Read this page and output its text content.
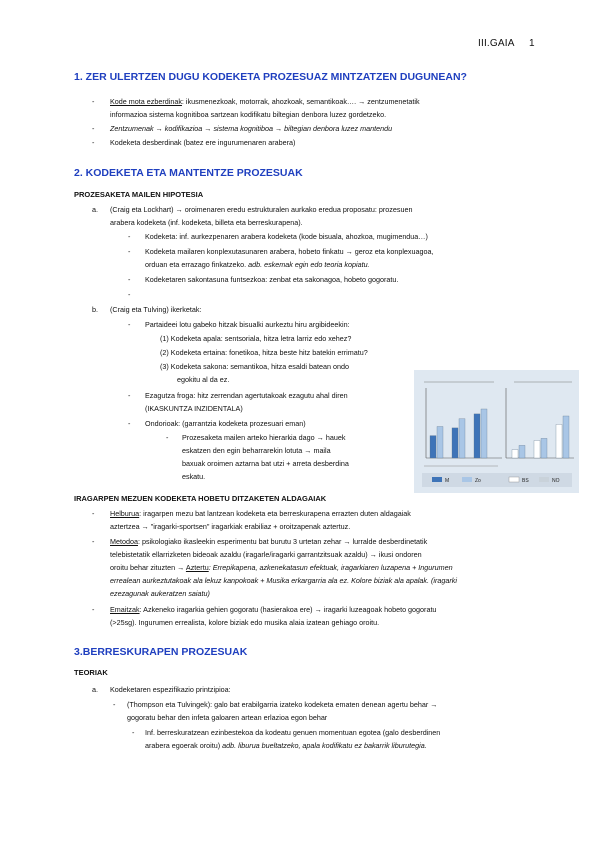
III.GAIA 1
1. ZER ULERTZEN DUGU KODEKETA PROZESUAZ MINTZATZEN DUGUNEAN?
- Kode mota ezberdinak: ikusmenezkoak, motorrak, ahozkoak, semantikoak…. → zentzumenetatik
informazioa sistema kognitiboa sartzean kodifikatu biltegian denbora luzez gordetzeko.
- Zentzumenak → kodifikazioa → sistema kognitiboa → biltegian denbora luzez mantendu
- Kodeketa desberdinak (batez ere ingurumenaren arabera)
2. KODEKETA ETA MANTENTZE PROZESUAK
PROZESAKETA MAILEN HIPOTESIA
a. (Craig eta Lockhart) → oroimenaren eredu estrukturalen aurkako eredua proposatu: prozesuen
arabera kodeketa (inf. kodeketa, billeta eta berreskurapena).
- Kodeketa: inf. aurkezpenaren arabera kodeketa (kode bisuala, ahozkoa, mugimendua…)
- Kodeketa mailaren konplexutasunaren arabera, hobeto finkatu → geroz eta konplexuagoa,
orduan eta errazago finkatzeko. adb. eskemak egin edo teoria kopiatu.
- Kodeketaren sakontasuna funtsezkoa: zenbat eta sakonagoa, hobeto gogoratu.
-
b. (Craig eta Tulving) ikerketak:
- Partaideei lotu gabeko hitzak bisualki aurkeztu hiru argibideekin:
(1) Kodeketa apala: sentsoriala, hitza letra larriz edo xehez?
(2) Kodeketa ertaina: fonetikoa, hitza beste hitz batekin errimatu?
(3) Kodeketa sakona: semantikoa, hitza esaldi batean ondo
egokitu al da ez.
- Ezagutza froga: hitz zerrendan agertutakoak ezagutu ahal diren
(IKASKUNTZA INZIDENTALA)
- Ondorioak: (garrantzia kodeketa prozesuari eman)
- Prozesaketa mailen arteko hierarkia dago → hauek
eskatzen den egin beharrarekin lotuta → maila
baxuak oroimen aztarna bat utzi + arreta desberdina
eskatu.	M	Zo	BS	NO
IRAGARPEN MEZUEN KODEKETA HOBETU DITZAKETEN ALDAGAIAK
- Helburua: iragarpen mezu bat lantzean kodeketa eta berreskurapena errazten duten aldagaiak
aztertzea → "iragarki-sportsen" iragarkiak erabiliaz + oroitzapenak aztertuz.
- Metodoa: psikologiako ikasleekin esperimentu bat burutu 3 urtetan zehar → lurralde desberdinetatik
telebistetatik ellarrizketen bideoak azaldu (iragarle/iragarki garrantzitsuak azaldu) → ikusi ondoren
oroitu behar zituzten → Aztertu: Errepikapena, azkenekatasun efektuak, iragarkiaren luzapena + Ingurumen
errealean aurkeztutakoak ala lekuz kanpokoak + Musika erkargarria ala ez. Kolore biziak ala apalak. (iragarki
ezezagunak aukeratzen saiatu)
- Emaitzak: Azkeneko iragarkia gehien gogoratu (hasierakoa ere) → iragarki luzeagoak hobeto gogoratu
(>25sg). Ingurumen errealista, kolore biziak edo musika alaia izatean gehiago oroitu.
3.BERRESKURAPEN PROZESUAK
TEORIAK
a. Kodeketaren espezifikazio printzipioa:
- (Thompson eta Tulvingek): galo bat erabilgarria izateko kodeketa ematen denean agertu behar →
gogoratu behar den infeta galoaren artean erlazioa egon behar
- Inf. berreskuratzean ezinbestekoa da kodeatu genuen momentuan egotea (galo desberdinen
arabera egoerak oroitu) adb. liburua bueltatzeko, apala kodifikatu ez bakarrik liburutegia.
